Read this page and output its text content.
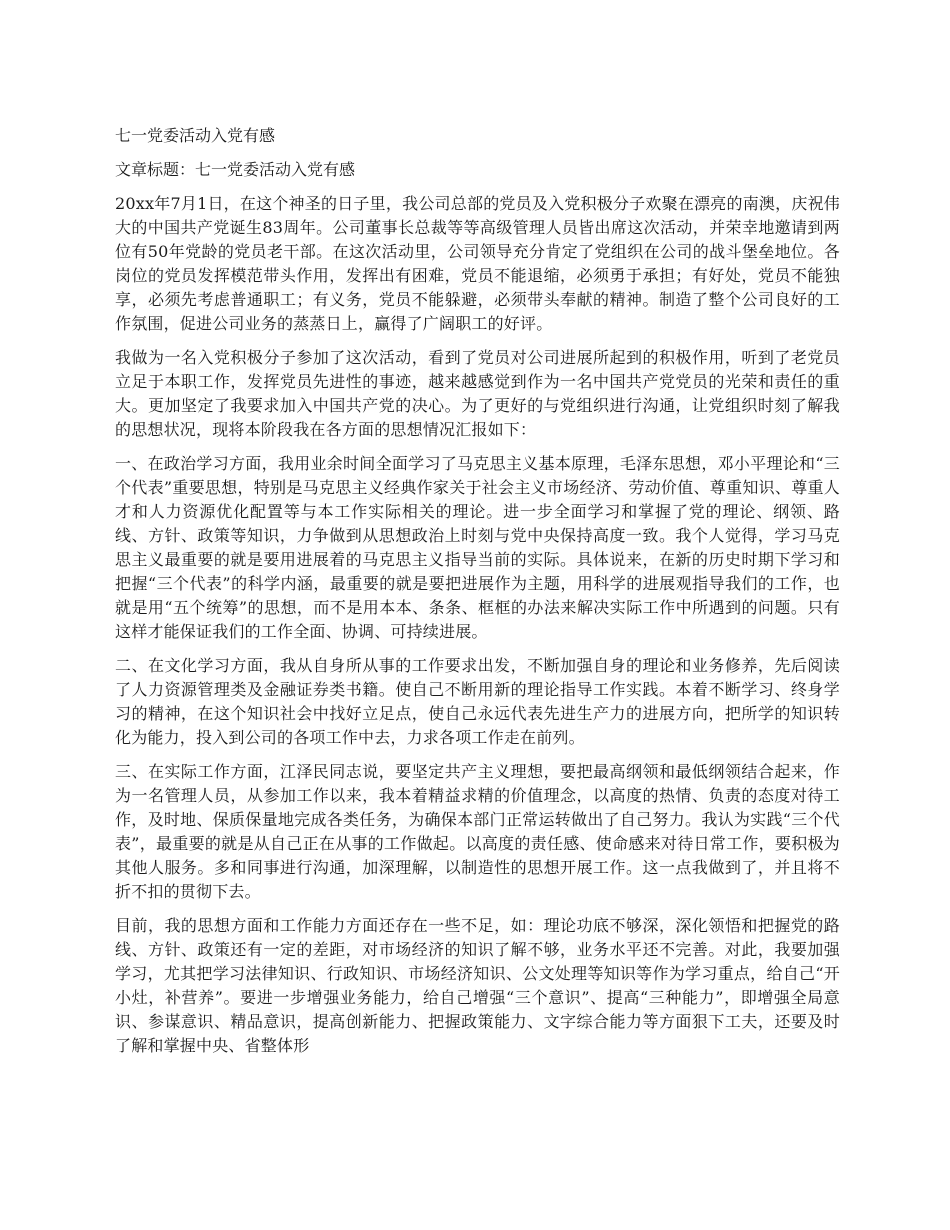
七一党委活动入党有感

文章标题：七一党委活动入党有感

20xx年7月1日，在这个神圣的日子里，我公司总部的党员及入党积极分子欢聚在漂亮的南澳，庆祝伟大的中国共产党诞生83周年。公司董事长总裁等等高级管理人员皆出席这次活动，并荣幸地邀请到两位有50年党龄的党员老干部。在这次活动里，公司领导充分肯定了党组织在公司的战斗堡垒地位。各岗位的党员发挥模范带头作用，发挥出有困难，党员不能退缩，必须勇于承担；有好处，党员不能独享，必须先考虑普通职工；有义务，党员不能躲避，必须带头奉献的精神。制造了整个公司良好的工作氛围，促进公司业务的蒸蒸日上，赢得了广阔职工的好评。

我做为一名入党积极分子参加了这次活动，看到了党员对公司进展所起到的积极作用，听到了老党员立足于本职工作，发挥党员先进性的事迹，越来越感觉到作为一名中国共产党党员的光荣和责任的重大。更加坚定了我要求加入中国共产党的决心。为了更好的与党组织进行沟通，让党组织时刻了解我的思想状况，现将本阶段我在各方面的思想情况汇报如下：

一、在政治学习方面，我用业余时间全面学习了马克思主义基本原理，毛泽东思想，邓小平理论和“三个代表”重要思想，特别是马克思主义经典作家关于社会主义市场经济、劳动价值、尊重知识、尊重人才和人力资源优化配置等与本工作实际相关的理论。进一步全面学习和掌握了党的理论、纲领、路线、方针、政策等知识，力争做到从思想政治上时刻与党中央保持高度一致。我个人觉得，学习马克思主义最重要的就是要用进展着的马克思主义指导当前的实际。具体说来，在新的历史时期下学习和把握“三个代表”的科学内涵，最重要的就是要把进展作为主题，用科学的进展观指导我们的工作，也就是用“五个统筹”的思想，而不是用本本、条条、框框的办法来解决实际工作中所遇到的问题。只有这样才能保证我们的工作全面、协调、可持续进展。

二、在文化学习方面，我从自身所从事的工作要求出发，不断加强自身的理论和业务修养，先后阅读了人力资源管理类及金融证券类书籍。使自己不断用新的理论指导工作实践。本着不断学习、终身学习的精神，在这个知识社会中找好立足点，使自己永远代表先进生产力的进展方向，把所学的知识转化为能力，投入到公司的各项工作中去，力求各项工作走在前列。

三、在实际工作方面，江泽民同志说，要坚定共产主义理想，要把最高纲领和最低纲领结合起来，作为一名管理人员，从参加工作以来，我本着精益求精的价值理念，以高度的热情、负责的态度对待工作，及时地、保质保量地完成各类任务，为确保本部门正常运转做出了自己努力。我认为实践“三个代表”，最重要的就是从自己正在从事的工作做起。以高度的责任感、使命感来对待日常工作，要积极为其他人服务。多和同事进行沟通，加深理解，以制造性的思想开展工作。这一点我做到了，并且将不折不扣的贯彻下去。

目前，我的思想方面和工作能力方面还存在一些不足，如：理论功底不够深，深化领悟和把握党的路线、方针、政策还有一定的差距，对市场经济的知识了解不够，业务水平还不完善。对此，我要加强学习，尤其把学习法律知识、行政知识、市场经济知识、公文处理等知识等作为学习重点，给自己“开小灶，补营养”。要进一步增强业务能力，给自己增强“三个意识”、提高“三种能力”，即增强全局意识、参谋意识、精品意识，提高创新能力、把握政策能力、文字综合能力等方面狠下工夫，还要及时了解和掌握中央、省整体形
